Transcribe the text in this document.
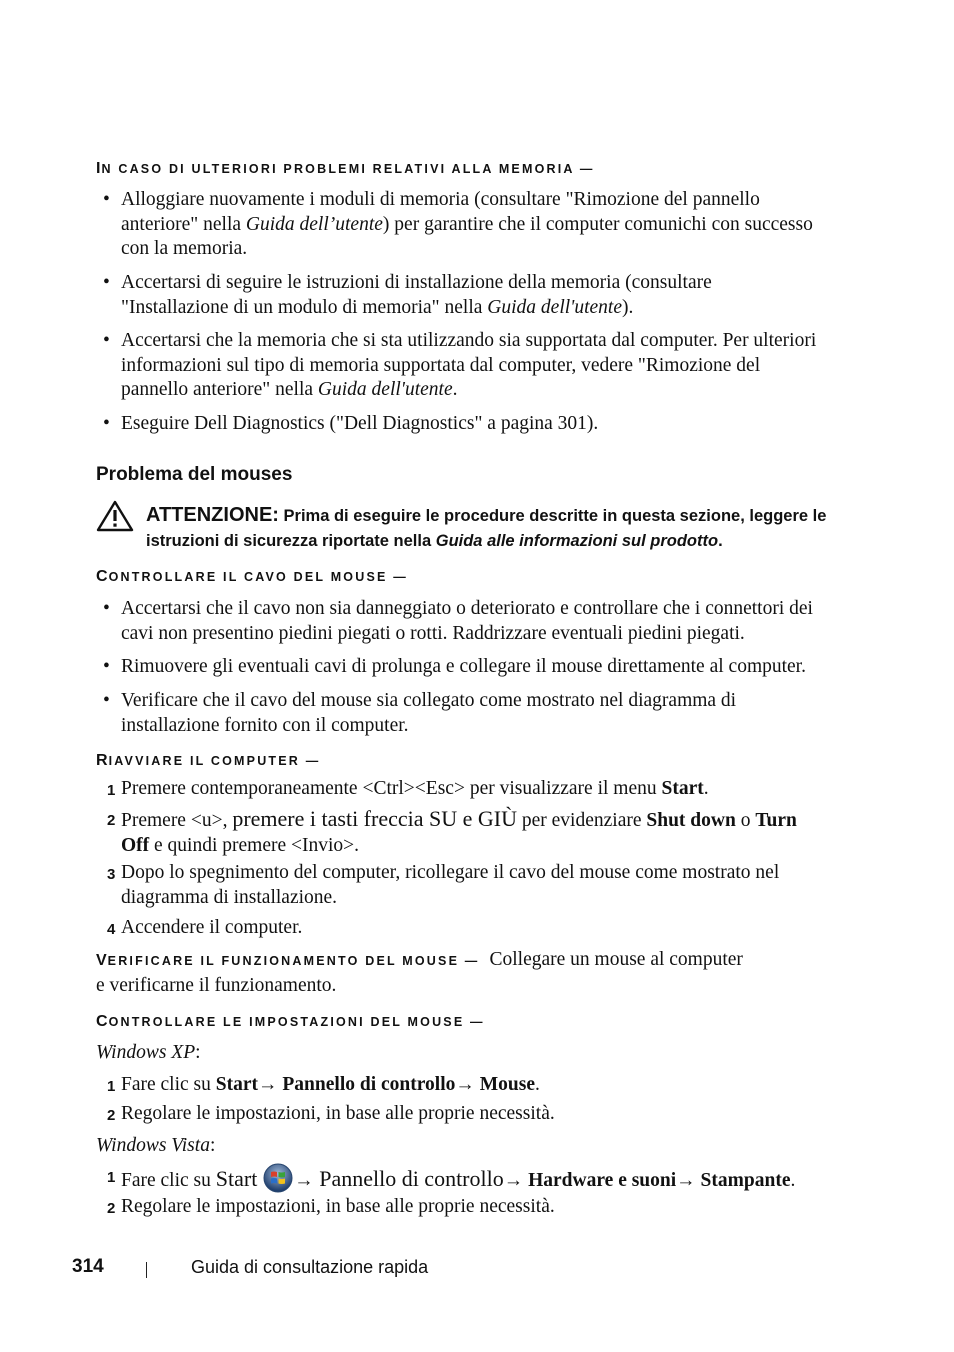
IN CASO DI ULTERIORI PROBLEMI RELATIVI ALLA MEMORIA —
• Alloggiare nuovamente i moduli di memoria (consultare "Rimozione del pannello anteriore" nella Guida dell’utente) per garantire che il computer comunichi con successo con la memoria.
• Accertarsi di seguire le istruzioni di installazione della memoria (consultare "Installazione di un modulo di memoria" nella Guida dell'utente).
• Accertarsi che la memoria che si sta utilizzando sia supportata dal computer. Per ulteriori informazioni sul tipo di memoria supportata dal computer, vedere "Rimozione del pannello anteriore" nella Guida dell'utente.
• Eseguire Dell Diagnostics ("Dell Diagnostics" a pagina 301).
Problema del mouses
ATTENZIONE: Prima di eseguire le procedure descritte in questa sezione, leggere le istruzioni di sicurezza riportate nella Guida alle informazioni sul prodotto.
CONTROLLARE IL CAVO DEL MOUSE —
• Accertarsi che il cavo non sia danneggiato o deteriorato e controllare che i connettori dei cavi non presentino piedini piegati o rotti. Raddrizzare eventuali piedini piegati.
• Rimuovere gli eventuali cavi di prolunga e collegare il mouse direttamente al computer.
• Verificare che il cavo del mouse sia collegato come mostrato nel diagramma di installazione fornito con il computer.
RIAVVIARE IL COMPUTER —
1 Premere contemporaneamente <Ctrl><Esc> per visualizzare il menu Start.
2 Premere <u>, premere i tasti freccia SU e GIÙ per evidenziare Shut down o Turn Off e quindi premere <Invio>.
3 Dopo lo spegnimento del computer, ricollegare il cavo del mouse come mostrato nel diagramma di installazione.
4 Accendere il computer.
VERIFICARE IL FUNZIONAMENTO DEL MOUSE — Collegare un mouse al computer
e verificarne il funzionamento.
CONTROLLARE LE IMPOSTAZIONI DEL MOUSE —
Windows XP:
1 Fare clic su Start→ Pannello di controllo→ Mouse.
2 Regolare le impostazioni, in base alle proprie necessità.
Windows Vista:
1 Fare clic su Start → Pannello di controllo→ Hardware e suoni→ Stampante.
2 Regolare le impostazioni, in base alle proprie necessità.
314	Guida di consultazione rapida
